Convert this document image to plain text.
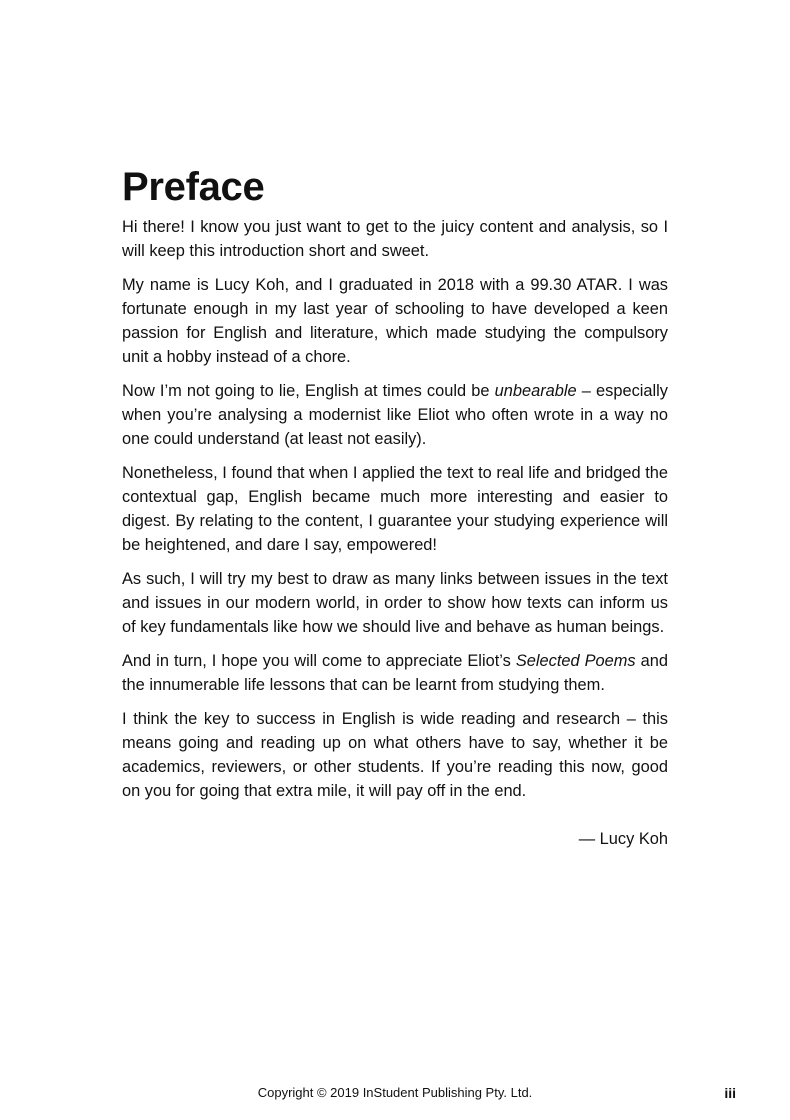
Preface

Hi there! I know you just want to get to the juicy content and analysis, so I will keep this introduction short and sweet.

My name is Lucy Koh, and I graduated in 2018 with a 99.30 ATAR. I was fortunate enough in my last year of schooling to have developed a keen passion for English and literature, which made studying the compulsory unit a hobby instead of a chore.

Now I’m not going to lie, English at times could be unbearable – especially when you’re analysing a modernist like Eliot who often wrote in a way no one could understand (at least not easily).

Nonetheless, I found that when I applied the text to real life and bridged the contextual gap, English became much more interesting and easier to digest. By relating to the content, I guarantee your studying experience will be heightened, and dare I say, empowered!

As such, I will try my best to draw as many links between issues in the text and issues in our modern world, in order to show how texts can inform us of key fundamentals like how we should live and behave as human beings.

And in turn, I hope you will come to appreciate Eliot’s Selected Poems and the innumerable life lessons that can be learnt from studying them.

I think the key to success in English is wide reading and research – this means going and reading up on what others have to say, whether it be academics, reviewers, or other students. If you’re reading this now, good on you for going that extra mile, it will pay off in the end.

— Lucy Koh
Copyright © 2019 InStudent Publishing Pty. Ltd.	iii
